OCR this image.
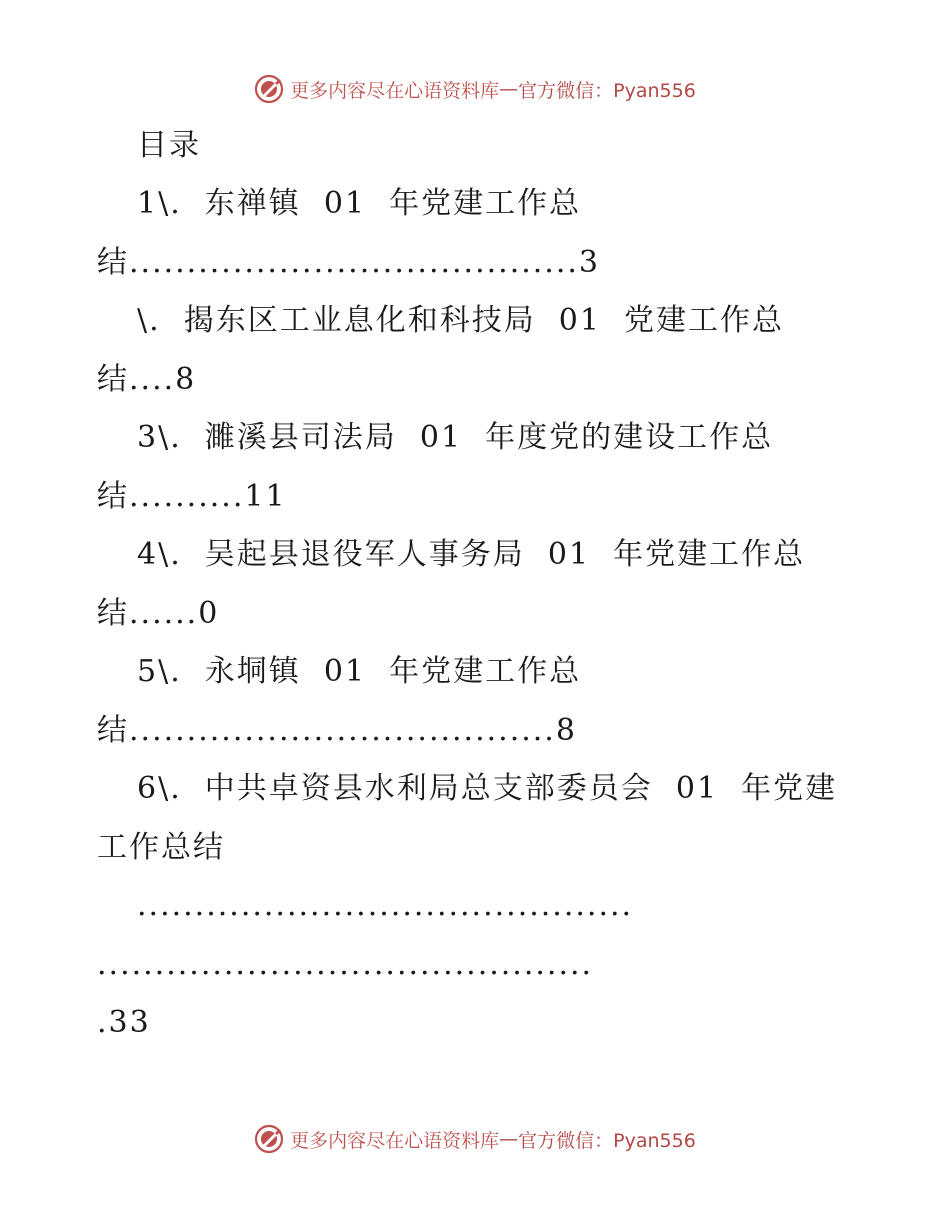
更多内容尽在心语资料库 — 官方微信：Pyan556
目录
1\.  东禅镇  01  年党建工作总
结.......................................3
\.  揭东区工业息化和科技局  01  党建工作总
结....8
3\.  濉溪县司法局  01  年度党的建设工作总
结..........11
4\.  吴起县退役军人事务局  01  年党建工作总
结......0
5\.  永垌镇  01  年党建工作总
结.....................................8
6\.  中共卓资县水利局总支部委员会  01  年党建
工作总结
...........................................
...........................................
.33
更多内容尽在心语资料库 — 官方微信：Pyan556
